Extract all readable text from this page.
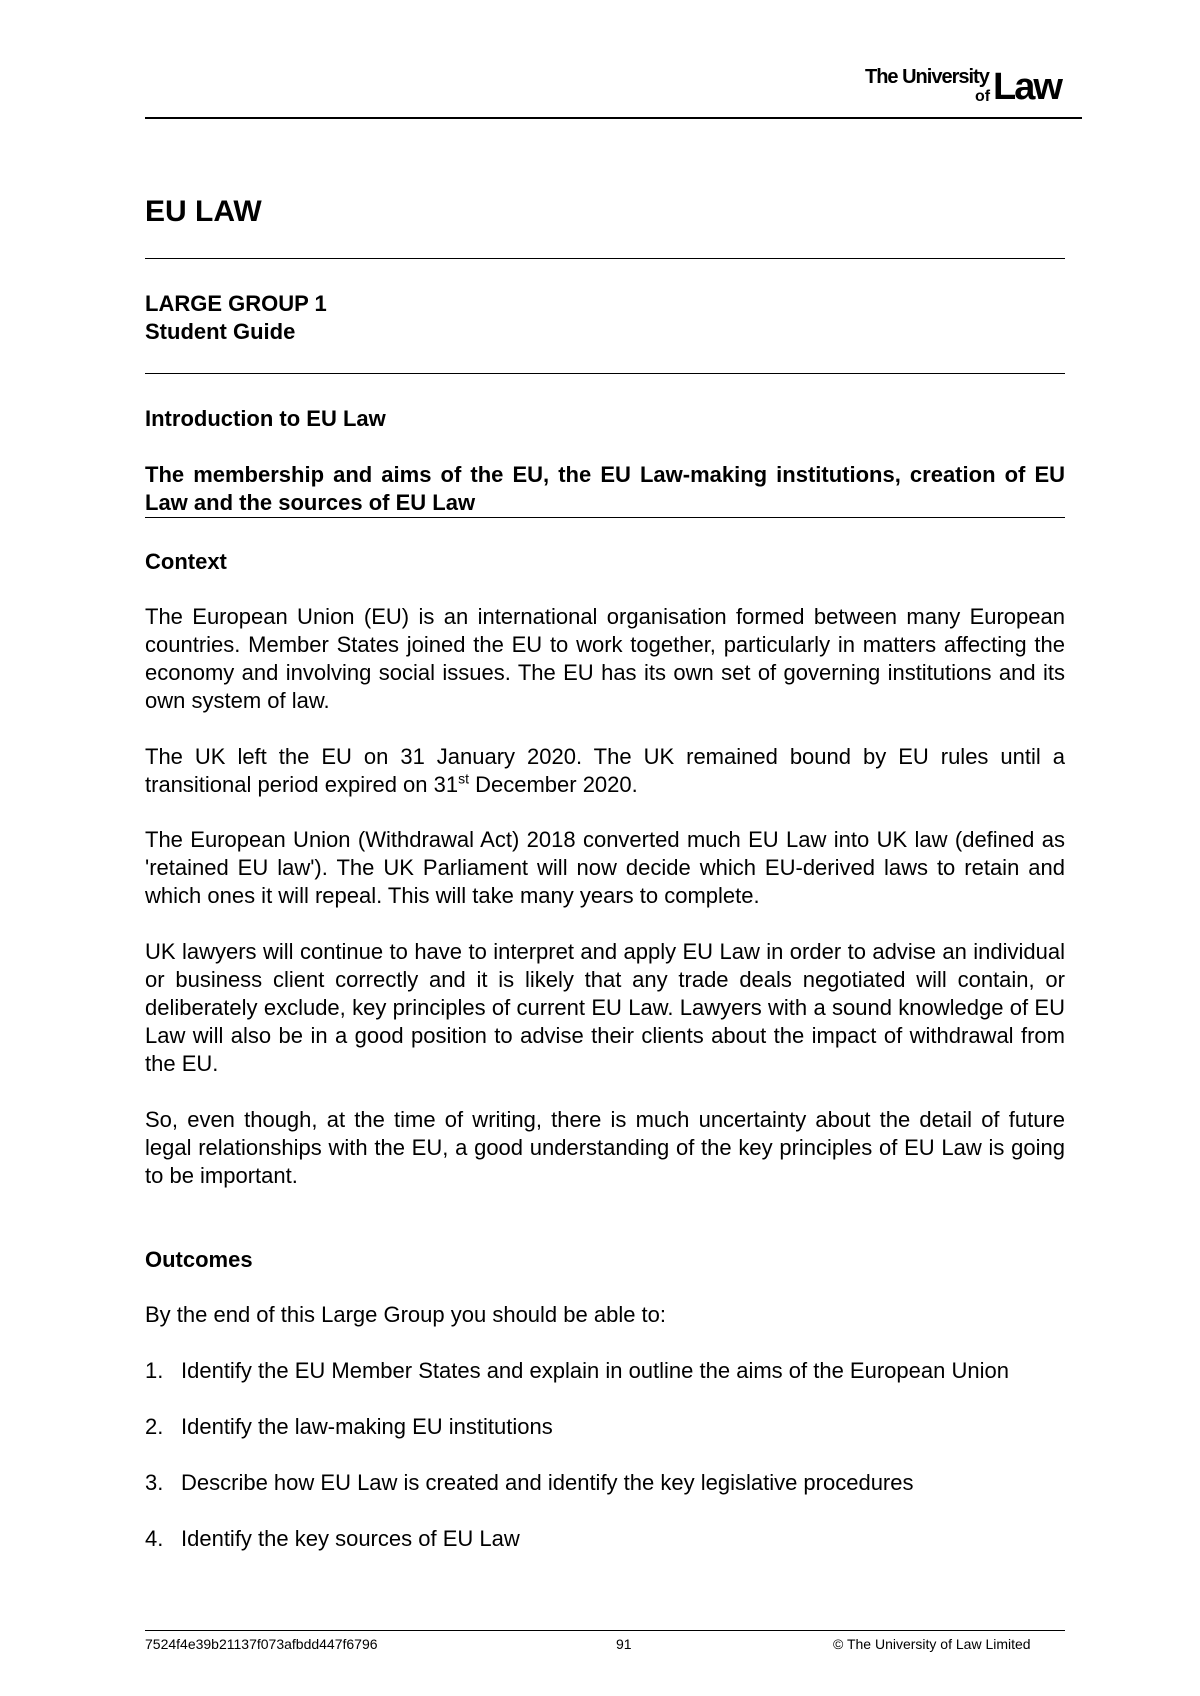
The University
of Law
EU LAW

LARGE GROUP 1

Student Guide

Introduction to EU Law

The membership and aims of the EU, the EU Law-making institutions, creation of EU Law and the sources of EU Law

Context

The European Union (EU) is an international organisation formed between many European countries. Member States joined the EU to work together, particularly in matters affecting the economy and involving social issues. The EU has its own set of governing institutions and its own system of law.

The UK left the EU on 31 January 2020. The UK remained bound by EU rules until a transitional period expired on 31st December 2020.

The European Union (Withdrawal Act) 2018 converted much EU Law into UK law (defined as 'retained EU law'). The UK Parliament will now decide which EU-derived laws to retain and which ones it will repeal. This will take many years to complete.

UK lawyers will continue to have to interpret and apply EU Law in order to advise an individual or business client correctly and it is likely that any trade deals negotiated will contain, or deliberately exclude, key principles of current EU Law. Lawyers with a sound knowledge of EU Law will also be in a good position to advise their clients about the impact of withdrawal from the EU.

So, even though, at the time of writing, there is much uncertainty about the detail of future legal relationships with the EU, a good understanding of the key principles of EU Law is going to be important.

Outcomes

By the end of this Large Group you should be able to:

1. Identify the EU Member States and explain in outline the aims of the European Union
2. Identify the law-making EU institutions
3. Describe how EU Law is created and identify the key legislative procedures
4. Identify the key sources of EU Law
7524f4e39b21137f073afbdd447f6796	91	© The University of Law Limited
